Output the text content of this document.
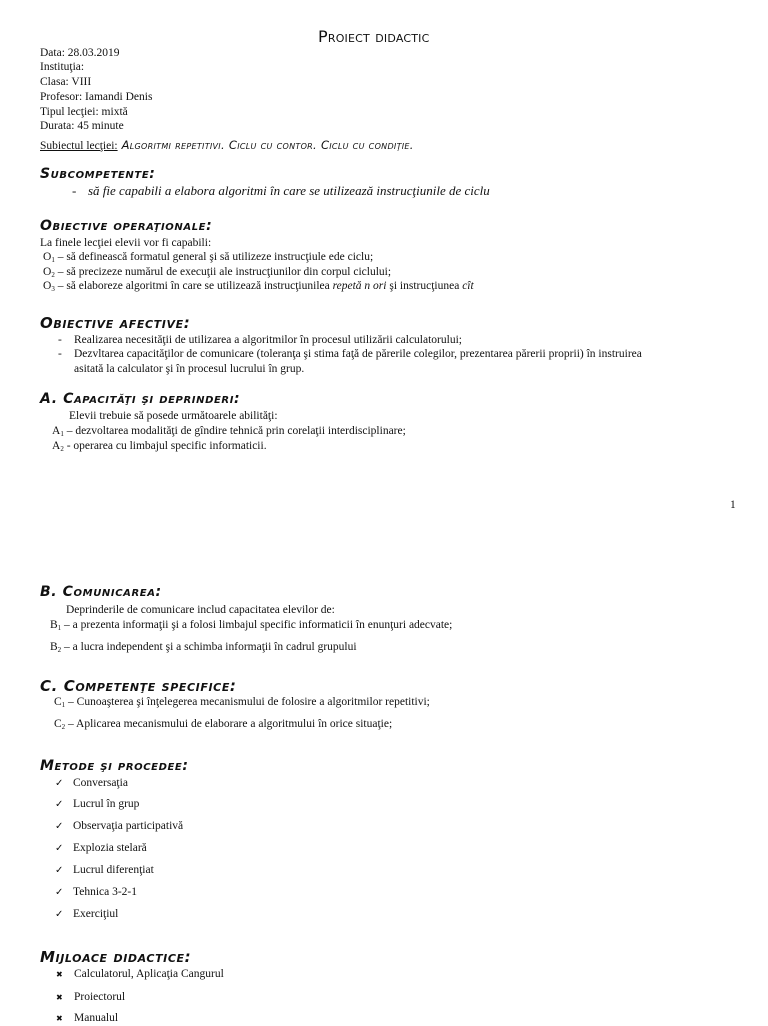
Proiect didactic
Data: 28.03.2019
Instituţia:
Clasa: VIII
Profesor: Iamandi Denis
Tipul lecţiei: mixtă
Durata: 45 minute
Subiectul lecţiei: Algoritmi repetitivi. Ciclu cu contor. Ciclu cu condiţie.
Subcompetente:
- să fie capabili a elabora algoritmi în care se utilizează instrucţiunile de ciclu
Obiective operaţionale:
La finele lecţiei elevii vor fi capabili:
$O_1$ – să definească formatul general şi să utilizeze instrucţiule ede ciclu;
$O_2$ – să precizeze numărul de execuţii ale instrucţiunilor din corpul ciclului;
$O_3$ – să elaboreze algoritmi în care se utilizează instrucţiunilea repetă n ori şi instrucţiunea cît
Obiective afective:
- Realizarea necesităţii de utilizarea a algoritmilor în procesul utilizării calculatorului;
- Dezvltarea capacităţilor de comunicare (toleranţa şi stima faţă de părerile colegilor, prezentarea părerii proprii) în instruirea
asitată la calculator şi în procesul lucrului în grup.
A. Capacităţi şi deprinderi:
Elevii trebuie să posede următoarele abilităţi:
$A_1$ – dezvoltarea modalităţi de gîndire tehnică prin corelaţii interdisciplinare;
$A_2$ - operarea cu limbajul specific informaticii.
1
B. Comunicarea:
Deprinderile de comunicare includ capacitatea elevilor de:
$B_1$ – a prezenta informaţii şi a folosi limbajul specific informaticii în enunţuri adecvate;
$B_2$ – a lucra independent şi a schimba informaţii în cadrul grupului
C. Competenţe specifice:
$C_1$ – Cunoaşterea şi înţelegerea mecanismului de folosire a algoritmilor repetitivi;
$C_2$ – Aplicarea mecanismului de elaborare a algoritmului în orice situaţie;
Metode şi procedee:
✓ Conversaţia
✓ Lucrul în grup
✓ Observaţia participativă
✓ Explozia stelară
✓ Lucrul diferenţiat
✓ Tehnica 3-2-1
✓ Exerciţiul
Mijloace didactice:
✖ Calculatorul, Aplicaţia Cangurul
✖ Proiectorul
✖ Manualul
